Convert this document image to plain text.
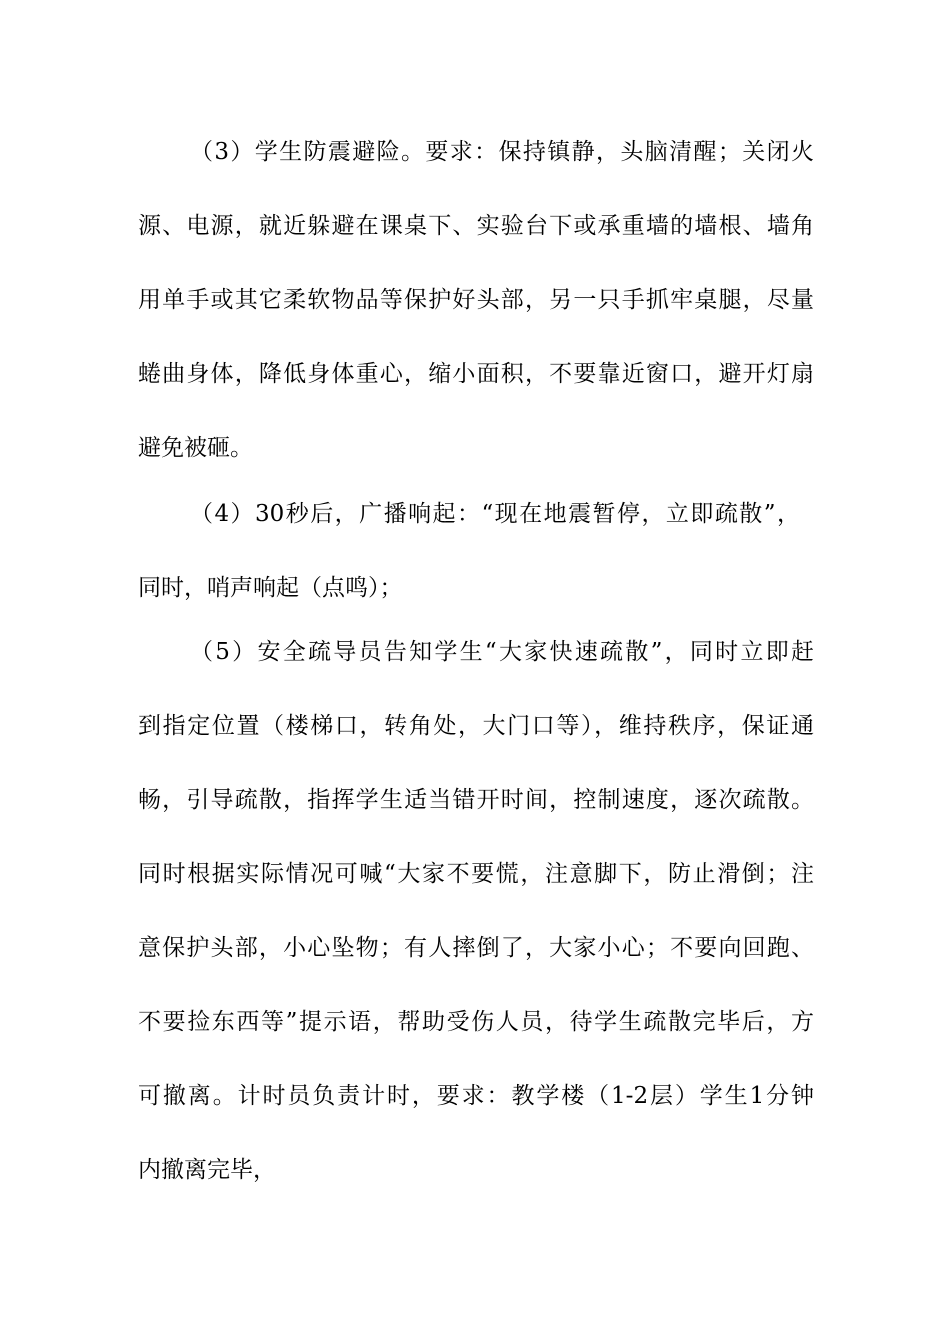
（3）学生防震避险。要求：保持镇静，头脑清醒；关闭火
源、电源，就近躲避在课桌下、实验台下或承重墙的墙根、墙角
用单手或其它柔软物品等保护好头部，另一只手抓牢桌腿，尽量
蜷曲身体，降低身体重心，缩小面积，不要靠近窗口，避开灯扇
避免被砸。
（4）30秒后，广播响起：“现在地震暂停，立即疏散”，
同时，哨声响起（点鸣）；
（5）安全疏导员告知学生“大家快速疏散”，同时立即赶
到指定位置（楼梯口，转角处，大门口等），维持秩序，保证通
畅，引导疏散，指挥学生适当错开时间，控制速度，逐次疏散。
同时根据实际情况可喊“大家不要慌，注意脚下，防止滑倒；注
意保护头部，小心坠物；有人摔倒了，大家小心；不要向回跑、
不要捡东西等”提示语，帮助受伤人员，待学生疏散完毕后，方
可撤离。计时员负责计时，要求：教学楼（1-2层）学生1分钟
内撤离完毕，
